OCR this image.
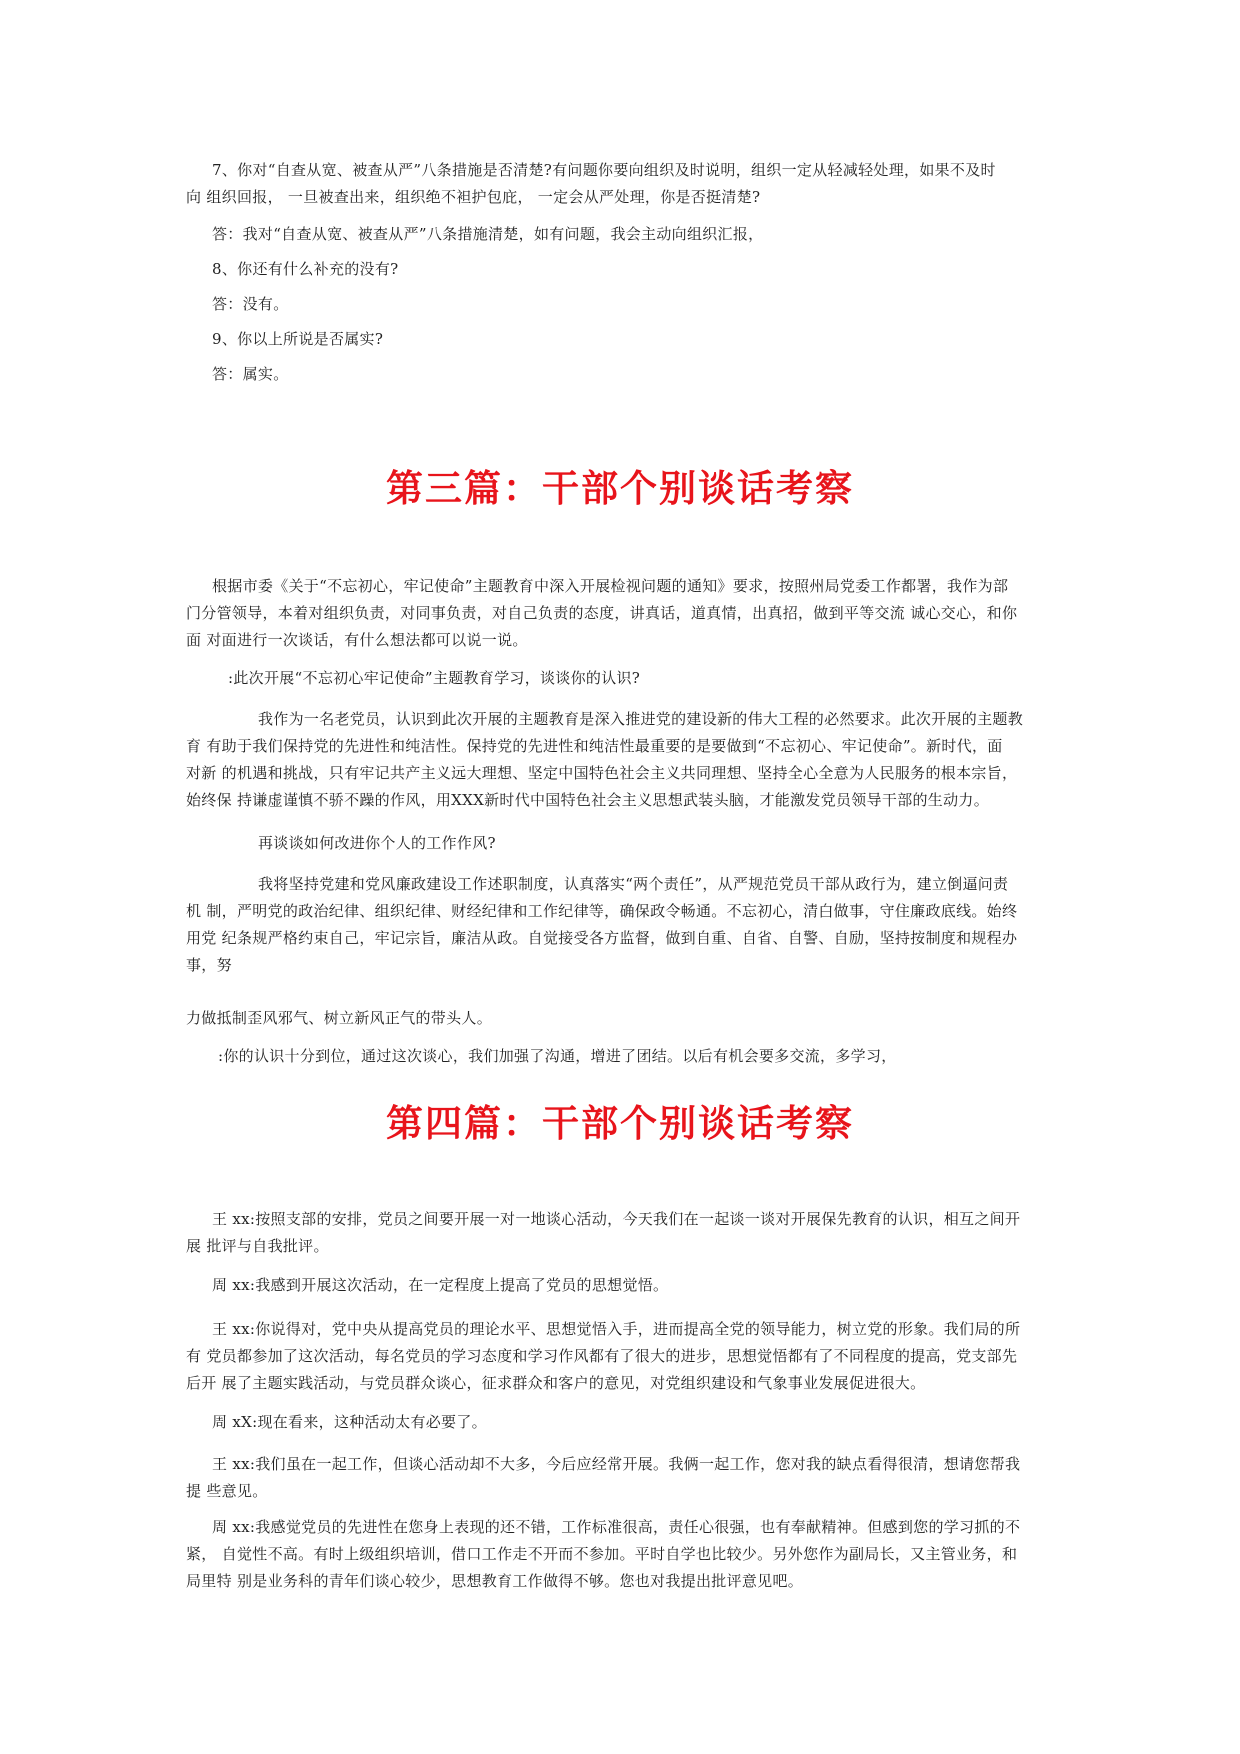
7、你对“自查从宽、被查从严”八条措施是否清楚?有问题你要向组织及时说明，组织一定从轻减轻处理，如果不及时
向 组织回报， 一旦被查出来，组织绝不袒护包庇， 一定会从严处理，你是否挺清楚?

答：我对“自查从宽、被查从严”八条措施清楚，如有问题，我会主动向组织汇报，

8、你还有什么补充的没有?

答：没有。

9、你以上所说是否属实?

答：属实。

第三篇：干部个别谈话考察

根据市委《关于“不忘初心，牢记使命”主题教育中深入开展检视问题的通知》要求，按照州局党委工作都署，我作为部
门分管领导，本着对组织负责，对同事负责，对自己负责的态度，讲真话，道真情，出真招，做到平等交流 诚心交心，和你
面 对面进行一次谈话，有什么想法都可以说一说。

:此次开展“不忘初心牢记使命”主题教育学习，谈谈你的认识?

我作为一名老党员，认识到此次开展的主题教育是深入推进党的建设新的伟大工程的必然要求。此次开展的主题教
育 有助于我们保持党的先进性和纯洁性。保持党的先进性和纯洁性最重要的是要做到“不忘初心、牢记使命”。新时代，面
对新 的机遇和挑战，只有牢记共产主义远大理想、坚定中国特色社会主义共同理想、坚持全心全意为人民服务的根本宗旨，
始终保 持谦虚谨慎不骄不躁的作风，用XXX新时代中国特色社会主义思想武装头脑，才能激发党员领导干部的生动力。

再谈谈如何改进你个人的工作作风?

我将坚持党建和党风廉政建设工作述职制度，认真落实“两个责任”，从严规范党员干部从政行为，建立倒逼问责
机 制，严明党的政治纪律、组织纪律、财经纪律和工作纪律等，确保政令畅通。不忘初心，清白做事，守住廉政底线。始终
用党 纪条规严格约束自己，牢记宗旨，廉洁从政。自觉接受各方监督，做到自重、自省、自警、自励，坚持按制度和规程办
事，努

力做抵制歪风邪气、树立新风正气的带头人。

:你的认识十分到位，通过这次谈心，我们加强了沟通，增进了团结。以后有机会要多交流，多学习，

第四篇：干部个别谈话考察

王 xx:按照支部的安排，党员之间要开展一对一地谈心活动，今天我们在一起谈一谈对开展保先教育的认识，相互之间开
展 批评与自我批评。

周 xx:我感到开展这次活动，在一定程度上提高了党员的思想觉悟。

王 xx:你说得对，党中央从提高党员的理论水平、思想觉悟入手，进而提高全党的领导能力，树立党的形象。我们局的所
有 党员都参加了这次活动，每名党员的学习态度和学习作风都有了很大的进步，思想觉悟都有了不同程度的提高，党支部先
后开 展了主题实践活动，与党员群众谈心，征求群众和客户的意见，对党组织建设和气象事业发展促进很大。

周 xX:现在看来，这种活动太有必要了。

王 xx:我们虽在一起工作，但谈心活动却不大多，今后应经常开展。我俩一起工作，您对我的缺点看得很清，想请您帮我
提 些意见。

周 xx:我感觉党员的先进性在您身上表现的还不错，工作标准很高，责任心很强，也有奉献精神。但感到您的学习抓的不
紧， 自觉性不高。有时上级组织培训，借口工作走不开而不参加。平时自学也比较少。另外您作为副局长，又主管业务，和
局里特 别是业务科的青年们谈心较少，思想教育工作做得不够。您也对我提出批评意见吧。
